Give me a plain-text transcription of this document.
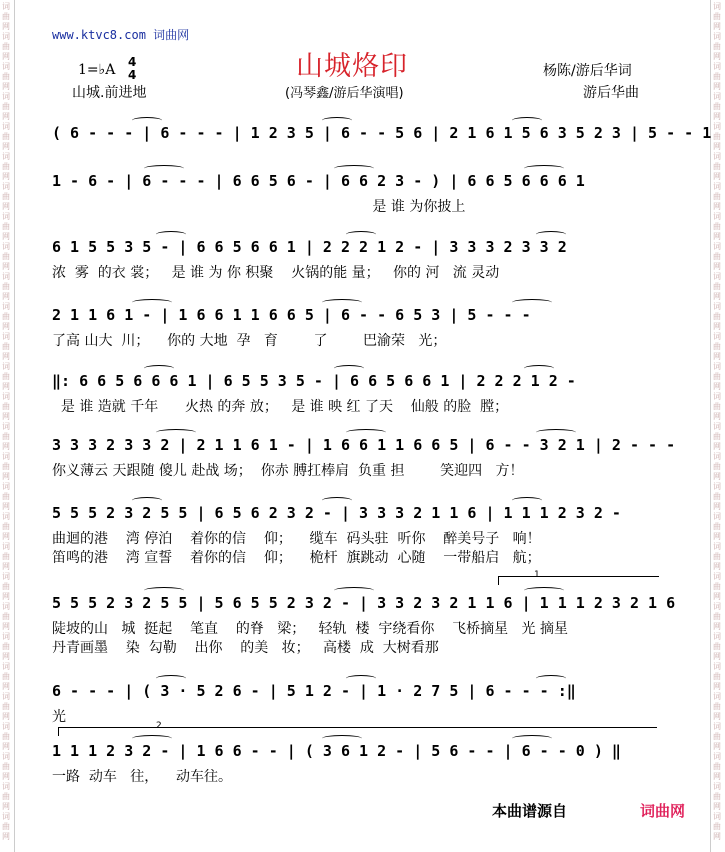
词
曲
网
词
曲
网
词
曲
网
词
曲
网
词
曲
网
词
曲
网
词
曲
网
词
曲
网
词
曲
网
词
曲
网
词
曲
网
词
曲
网
词
曲
网
词
曲
网
词
曲
网
词
曲
网
词
曲
网
词
曲
网
词
曲
网
词
曲
网
词
曲
网
词
曲
网
词
曲
网
词
曲
网
词
曲
网
词
曲
网
词
曲
网
词
曲
网
词
曲
网
词
曲
网
词
曲
网
词
曲
网
词
曲
网
词
曲
网
词
曲
网
词
曲
网
词
曲
网
词
曲
网
词
曲
网
词
曲
网
词
曲
网
词
曲
网
词
曲
网
词
曲
网
词
曲
网
词
曲
网
词
曲
网
词
曲
网
词
曲
网
词
曲
网
词
曲
网
词
曲
网
词
曲
网
词
曲
网
词
曲
网
词
曲
网
www.ktvc8.com 词曲网
山城烙印
1=♭A 4
4	杨陈/游后华词
游后华曲
(冯琴鑫/游后华演唱)
山城.前进地
( 6 - - - | 6 - - - | 1 2 3 5 | 6 - - 5 6 | 2 1 6 1 5 6 3 5 2 3 | 5 - - 1
1 - 6 - | 6 - - - | 6 6 5 6 - | 6 6 2 3 - ) | 6 6 5 6 6 6 1
是 谁 为你披上
6 1 5 5 3 5 - | 6 6 5 6 6 1 | 2 2 2 1 2 - | 3 3 3 2 3 3 2
浓  雾  的衣 裳；   是 谁 为 你 积聚    火锅的能 量；   你的 河   流 灵动
2 1 1 6 1 - | 1 6 6 1 1 6 6 5 | 6 - - 6 5 3 | 5 - - -
了高 山大  川；    你的 大地  孕   育        了        巴渝荣   光；
‖: 6 6 5 6 6 6 1 | 6 5 5 3 5 - | 6 6 5 6 6 1 | 2 2 2 1 2 -
是 谁 造就 千年      火热 的奔 放；   是 谁 映 红 了天    仙般 的脸  膛；
3 3 3 2 3 3 2 | 2 1 1 6 1 - | 1 6 6 1 1 6 6 5 | 6 - - 3 2 1 | 2 - - -
你义薄云 天跟随 傻儿 赴战 场；  你赤 膊扛棒肩  负重 担        笑迎四   方！
5 5 5 2 3 2 5 5 | 6 5 6 2 3 2 - | 3 3 3 2 1 1 6 | 1 1 1 2 3 2 -
曲迴的港    湾 停泊    着你的信    仰；    缆车  码头驻  听你    醉美号子   响！
笛鸣的港    湾 宣誓    着你的信    仰；    桅杆  旗跳动  心随    一带船启   航；
5 5 5 2 3 2 5 5 | 5 6 5 5 2 3 2 - | 3 3 2 3 2 1 1 6 | 1 1 1 2 3 2 1 6
陡坡的山   城  挺起    笔直    的脊   梁；   轻轨  楼  宇绕看你    飞桥摘星   光 摘星
丹青画墨    染  勾勒    出你    的美   妆；   高楼  成  大树看那
6 - - - | ( 3 · 5 2 6 - | 5 1 2 - | 1 · 2 7 5 | 6 - - - :‖
光
1 1 1 2 3 2 - | 1 6 6 - - | ( 3 6 1 2 - | 5 6 - - | 6 - - 0 ) ‖
一路  动车   往，    动车往。
1
2
本曲谱源自	词曲网
